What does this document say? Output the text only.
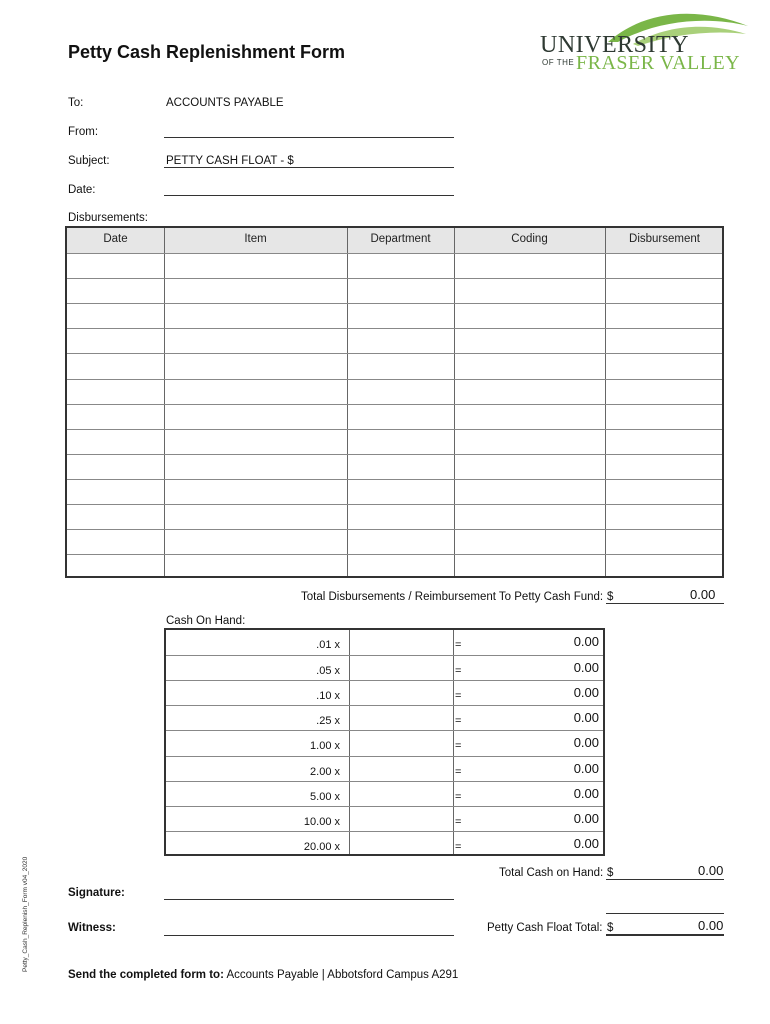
Petty Cash Replenishment Form	UNIVERSITY
OF THE FRASER VALLEY
To:	ACCOUNTS PAYABLE
From:
Subject:	PETTY CASH FLOAT - $
Date:
Disbursements:
Date	Item	Department	Coding	Disbursement
Total Disbursements / Reimbursement To Petty Cash Fund: $	0.00
Cash On Hand:
.01 x	=	0.00
.05 x	=	0.00
.10 x	=	0.00
.25 x	=	0.00
1.00 x	=	0.00
2.00 x	=	0.00
5.00 x	=	0.00
10.00 x	=	0.00
20.00 x	=	0.00
Total Cash on Hand: $	0.00
Signature:
Witness:	Petty Cash Float Total: $	0.00
Send the completed form to: Accounts Payable | Abbotsford Campus A291
Petty_Cash_Replenish_Form v04_2020
